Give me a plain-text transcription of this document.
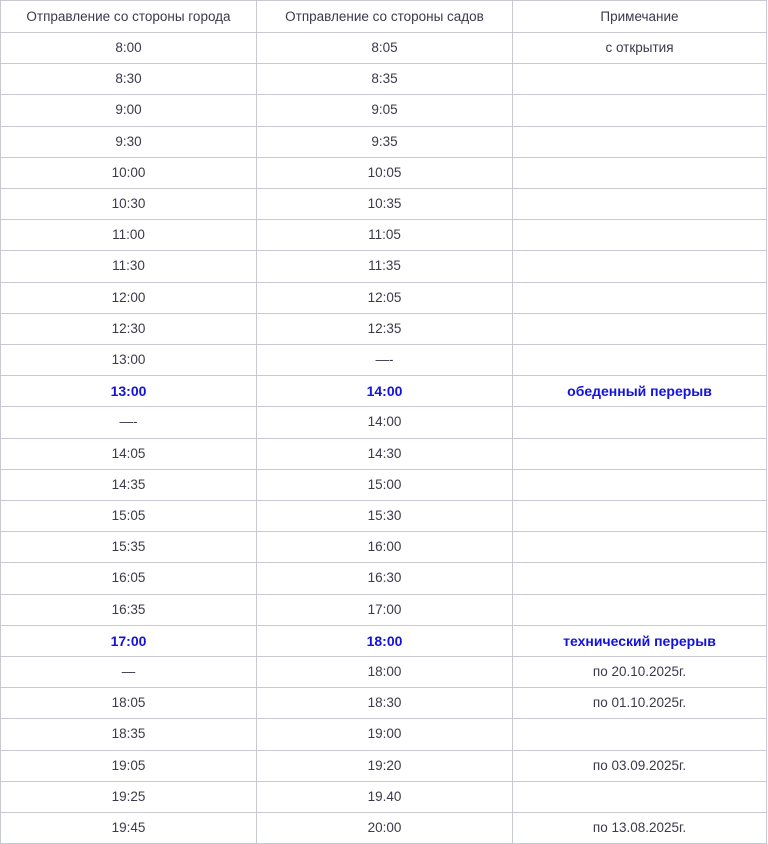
Отправление со стороны города	Отправление со стороны садов	Примечание
8:00	8:05	с открытия
8:30	8:35	
9:00	9:05	
9:30	9:35	
10:00	10:05	
10:30	10:35	
11:00	11:05	
11:30	11:35	
12:00	12:05	
12:30	12:35	
13:00	—-	
13:00	14:00	обеденный перерыв
—-	14:00	
14:05	14:30	
14:35	15:00	
15:05	15:30	
15:35	16:00	
16:05	16:30	
16:35	17:00	
17:00	18:00	технический перерыв
—	18:00	по 20.10.2025г.
18:05	18:30	по 01.10.2025г.
18:35	19:00	
19:05	19:20	по 03.09.2025г.
19:25	19.40	
19:45	20:00	по 13.08.2025г.
